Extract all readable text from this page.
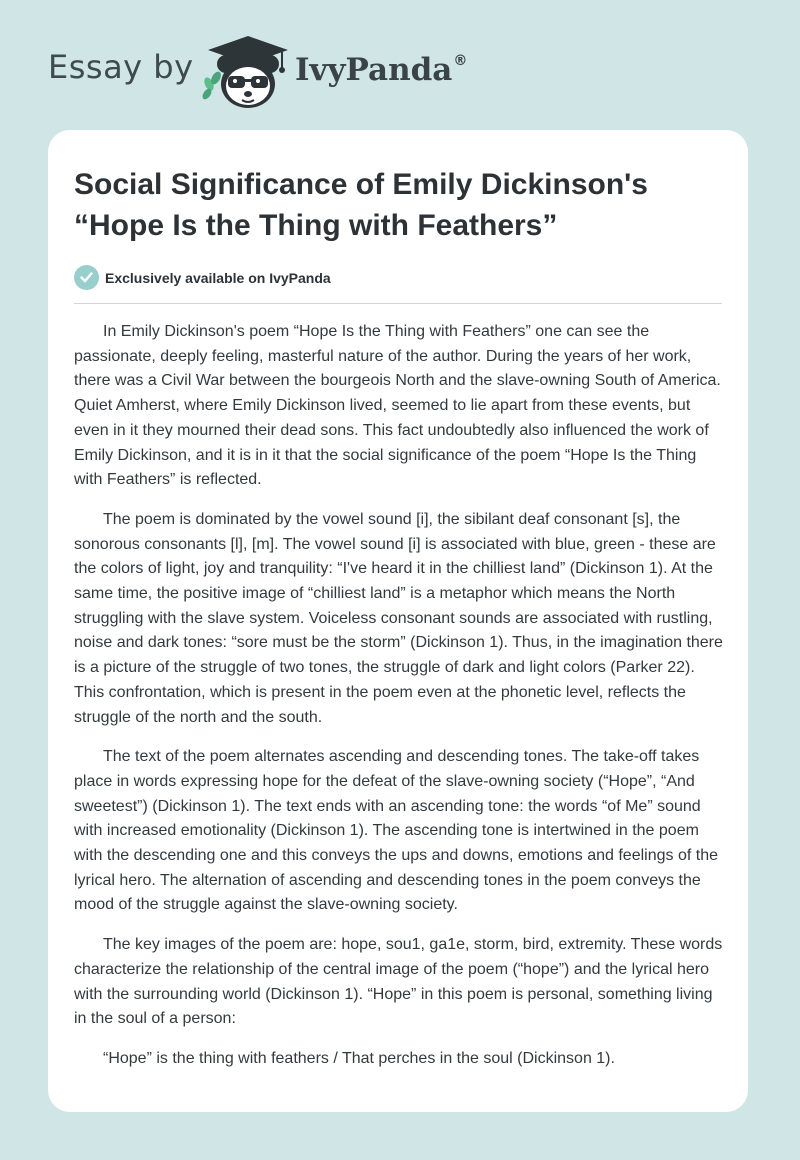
Essay by	IvyPanda®
Social Significance of Emily Dickinson's “Hope Is the Thing with Feathers”
Exclusively available on IvyPanda

In Emily Dickinson's poem “Hope Is the Thing with Feathers” one can see the passionate, deeply feeling, masterful nature of the author. During the years of her work, there was a Civil War between the bourgeois North and the slave-owning South of America. Quiet Amherst, where Emily Dickinson lived, seemed to lie apart from these events, but even in it they mourned their dead sons. This fact undoubtedly also influenced the work of Emily Dickinson, and it is in it that the social significance of the poem “Hope Is the Thing with Feathers” is reflected.

The poem is dominated by the vowel sound [i], the sibilant deaf consonant [s], the sonorous consonants [l], [m]. The vowel sound [i] is associated with blue, green - these are the colors of light, joy and tranquility: “I've heard it in the chilliest land” (Dickinson 1). At the same time, the positive image of “chilliest land” is a metaphor which means the North struggling with the slave system. Voiceless consonant sounds are associated with rustling, noise and dark tones: “sore must be the storm” (Dickinson 1). Thus, in the imagination there is a picture of the struggle of two tones, the struggle of dark and light colors (Parker 22). This confrontation, which is present in the poem even at the phonetic level, reflects the struggle of the north and the south.

The text of the poem alternates ascending and descending tones. The take-off takes place in words expressing hope for the defeat of the slave-owning society (“Hope”, “And sweetest”) (Dickinson 1). The text ends with an ascending tone: the words “of Me” sound with increased emotionality (Dickinson 1). The ascending tone is intertwined in the poem with the descending one and this conveys the ups and downs, emotions and feelings of the lyrical hero. The alternation of ascending and descending tones in the poem conveys the mood of the struggle against the slave-owning society.

The key images of the poem are: hope, sou1, ga1e, storm, bird, extremity. These words characterize the relationship of the central image of the poem (“hope”) and the lyrical hero with the surrounding world (Dickinson 1). “Hope” in this poem is personal, something living in the soul of a person:

“Hope” is the thing with feathers / That perches in the soul (Dickinson 1).
